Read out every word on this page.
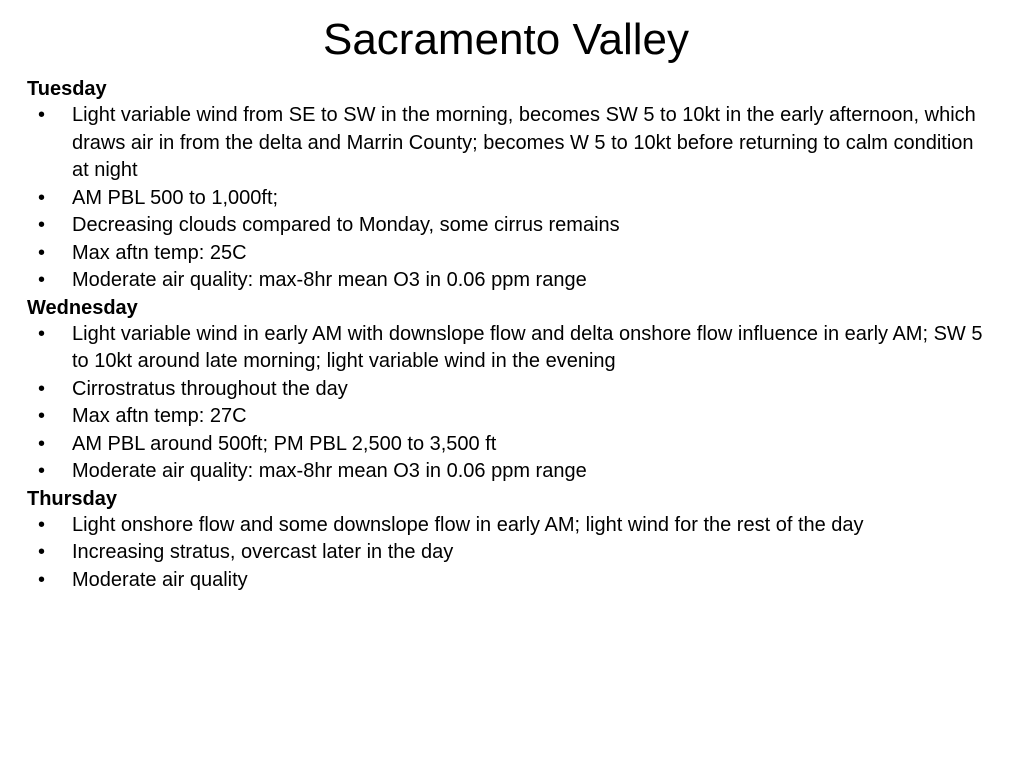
Sacramento Valley
Tuesday
• Light variable wind from SE to SW in the morning, becomes SW 5 to 10kt in the early afternoon, which draws air in from the delta and Marrin County; becomes W 5 to 10kt before returning to calm condition at night
• AM PBL 500 to 1,000ft;
• Decreasing clouds compared to Monday, some cirrus remains
• Max aftn temp: 25C
• Moderate air quality: max-8hr mean O3 in 0.06 ppm range
Wednesday
• Light variable wind in early AM with downslope flow and delta onshore flow influence in early AM; SW 5 to 10kt around late morning; light variable wind in the evening
• Cirrostratus throughout the day
• Max aftn temp: 27C
• AM PBL around 500ft; PM PBL 2,500 to 3,500 ft
• Moderate air quality: max-8hr mean O3 in 0.06 ppm range
Thursday
• Light onshore flow and some downslope flow in early AM; light wind for the rest of the day
• Increasing stratus, overcast later in the day
• Moderate air quality
